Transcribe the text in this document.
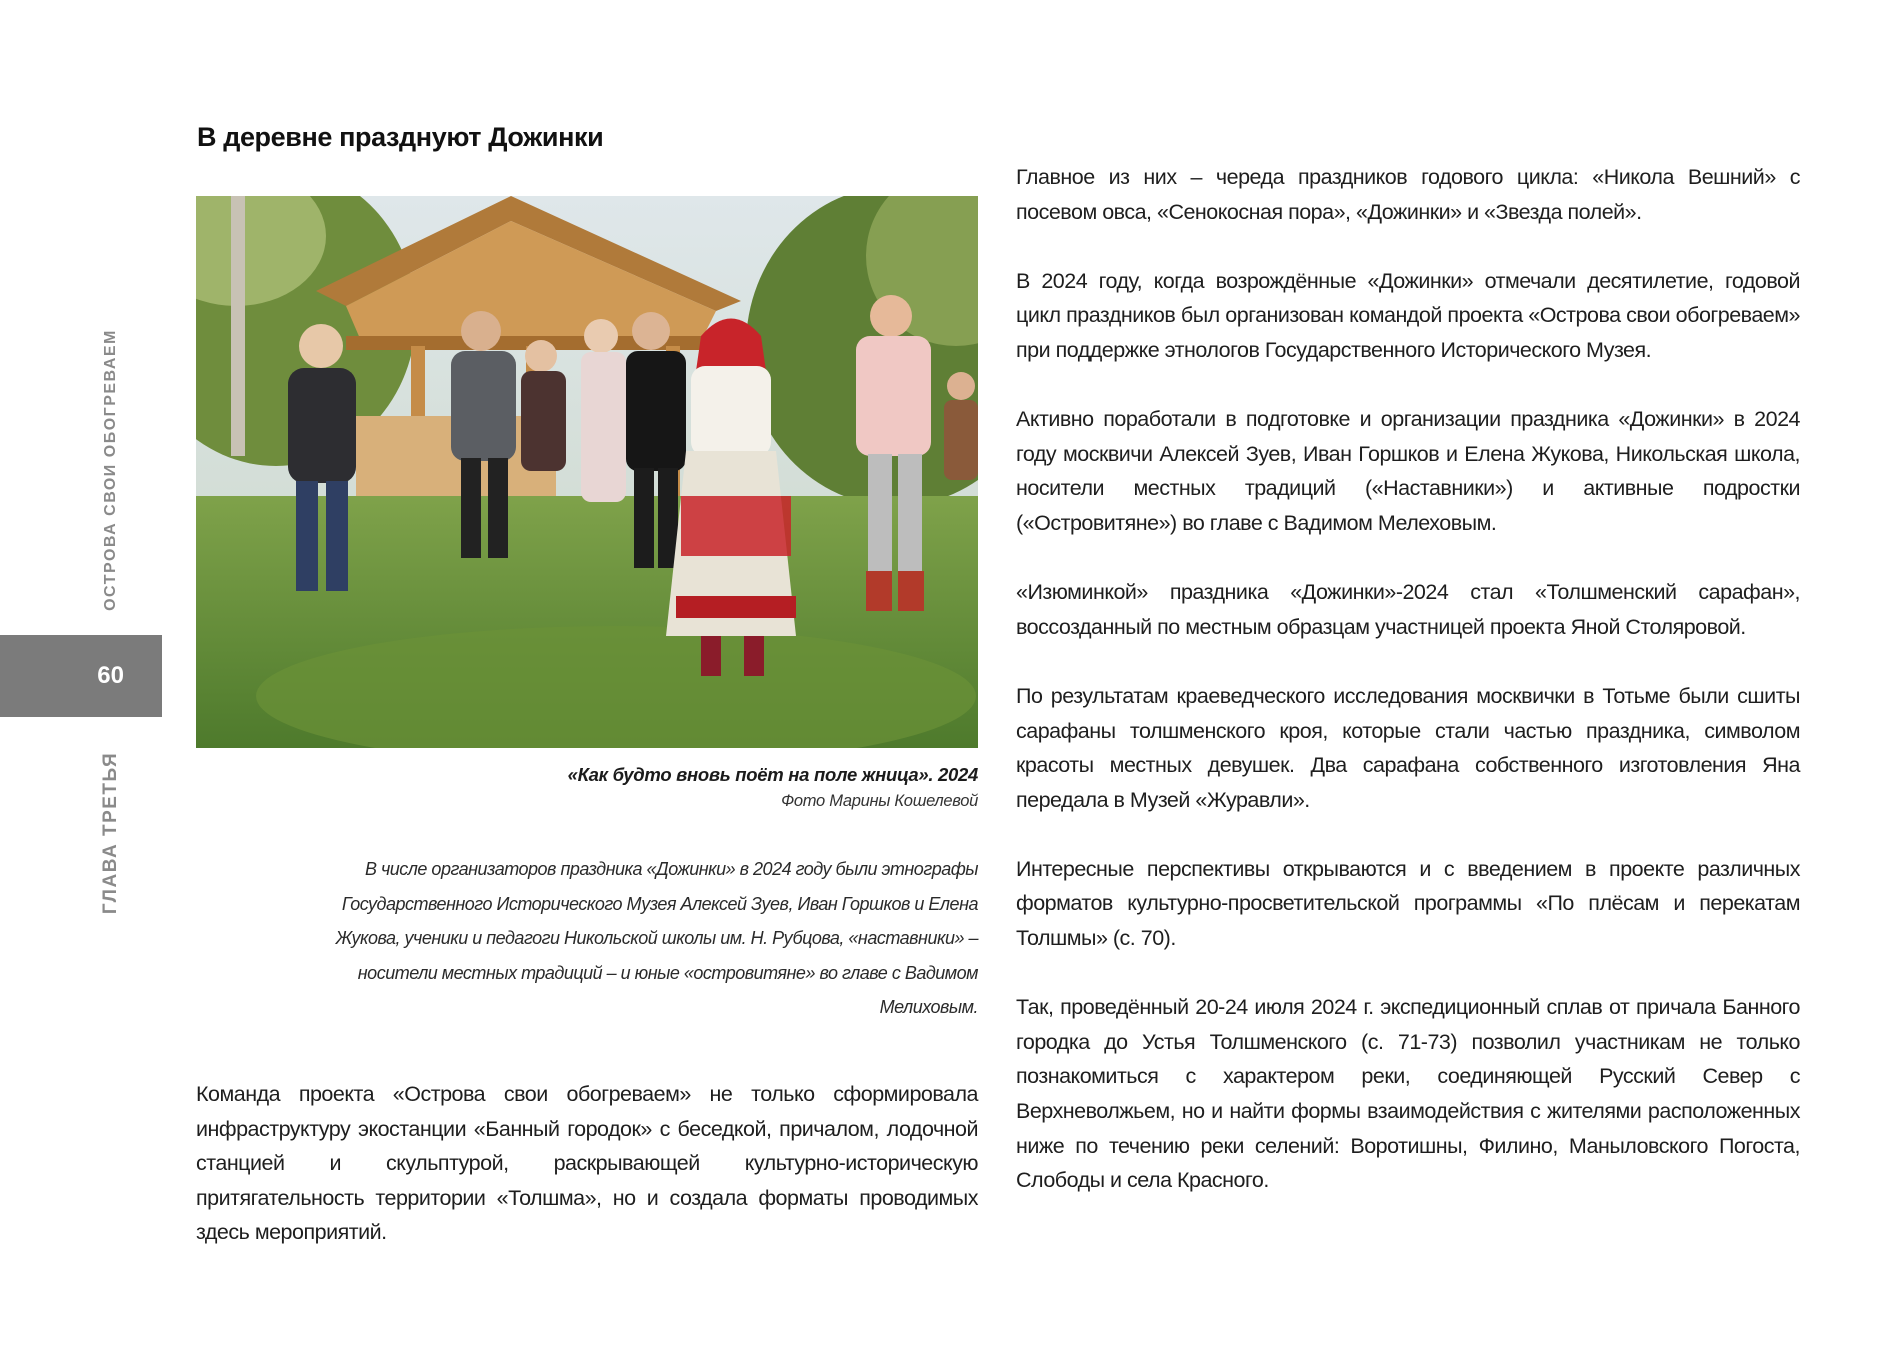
ОСТРОВА СВОИ ОБОГРЕВАЕМ
60
ГЛАВА ТРЕТЬЯ
В деревне празднуют Дожинки
«Как будто вновь поёт на поле жница». 2024
Фото Марины Кошелевой
В числе организаторов праздника «Дожинки» в 2024 году были этнографы Государственного Исторического Музея Алексей Зуев, Иван Горшков и Елена Жукова, ученики и педагоги Никольской школы им. Н. Рубцова, «наставники» – носители местных традиций – и юные «островитяне» во главе с Вадимом Мелиховым.

Команда проекта «Острова свои обогреваем» не только сформировала инфраструктуру экостанции «Банный городок» с беседкой, причалом, лодочной станцией и скульптурой, раскрывающей культурно-историческую притягательность территории «Толшма», но и создала форматы проводимых здесь мероприятий.

Главное из них – череда праздников годового цикла: «Никола Вешний» с посевом овса, «Сенокосная пора», «Дожинки» и «Звезда полей».

В 2024 году, когда возрождённые «Дожинки» отмечали десятилетие, годовой цикл праздников был организован командой проекта «Острова свои обогреваем» при поддержке этнологов Государственного Исторического Музея.

Активно поработали в подготовке и организации праздника «Дожинки» в 2024 году москвичи Алексей Зуев, Иван Горшков и Елена Жукова, Никольская школа, носители местных традиций («Наставники») и активные подростки («Островитяне») во главе с Вадимом Мелеховым.

«Изюминкой» праздника «Дожинки»-2024 стал «Толшменский сарафан», воссозданный по местным образцам участницей проекта Яной Столяровой.

По результатам краеведческого исследования москвички в Тотьме были сшиты сарафаны толшменского кроя, которые стали частью праздника, символом красоты местных девушек. Два сарафана собственного изготовления Яна передала в Музей «Журавли».

Интересные перспективы открываются и с введением в проекте различных форматов культурно-просветительской программы «По плёсам и перекатам Толшмы» (с. 70).

Так, проведённый 20-24 июля 2024 г. экспедиционный сплав от причала Банного городка до Устья Толшменского (с. 71-73) позволил участникам не только познакомиться с характером реки, соединяющей Русский Север с Верхневолжьем, но и найти формы взаимодействия с жителями расположенных ниже по течению реки селений: Воротишны, Филино, Маныловского Погоста, Слободы и села Красного.
